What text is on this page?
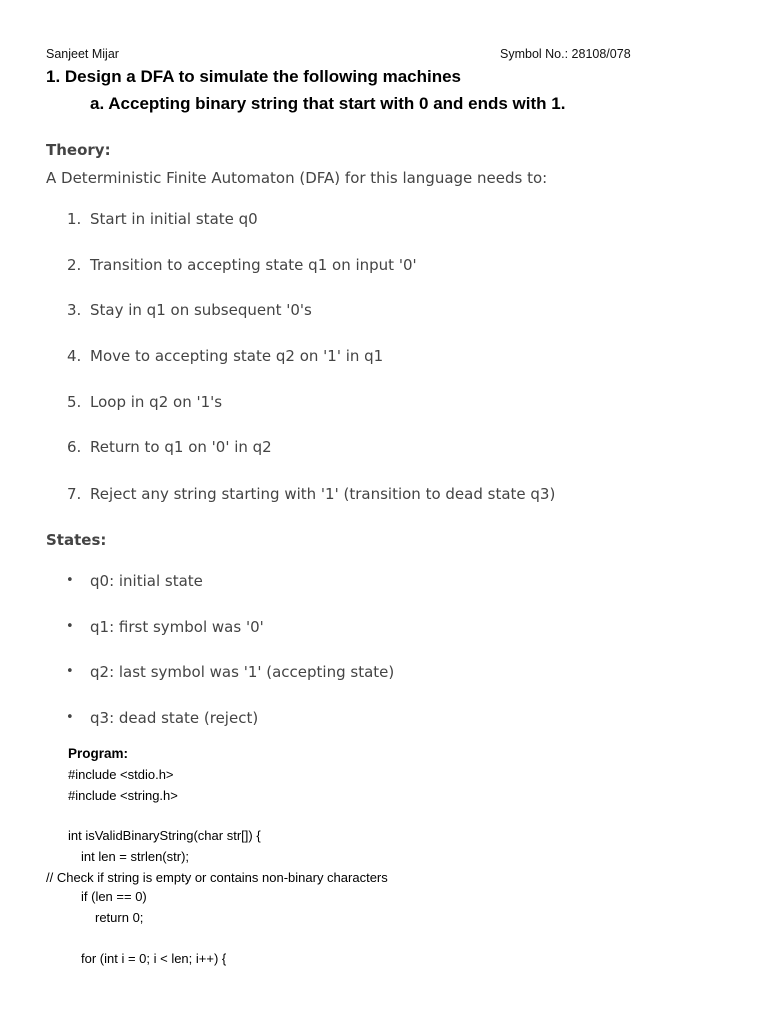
Sanjeet Mijar	Symbol No.: 28108/078
1. Design a DFA to simulate the following machines
a. Accepting binary string that start with 0 and ends with 1.
Theory:
A Deterministic Finite Automaton (DFA) for this language needs to:
1. Start in initial state q0
2. Transition to accepting state q1 on input '0'
3. Stay in q1 on subsequent '0's
4. Move to accepting state q2 on '1' in q1
5. Loop in q2 on '1's
6. Return to q1 on '0' in q2
7. Reject any string starting with '1' (transition to dead state q3)
States:
• q0: initial state
• q1: first symbol was '0'
• q2: last symbol was '1' (accepting state)
• q3: dead state (reject)
Program:
#include <stdio.h>
#include <string.h>
int isValidBinaryString(char str[]) {
int len = strlen(str);
// Check if string is empty or contains non-binary characters
if (len == 0)
return 0;
for (int i = 0; i < len; i++) {
